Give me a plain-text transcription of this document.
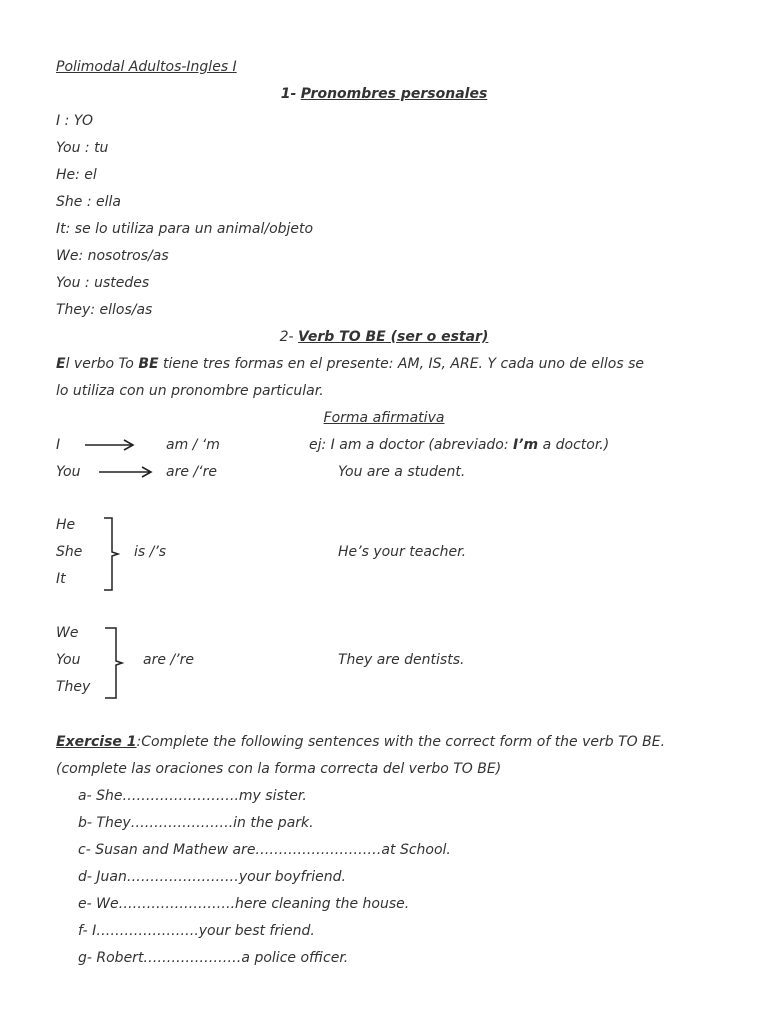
Polimodal Adultos-Ingles I
1- Pronombres personales
I : YO
You : tu
He: el
She : ella
It: se lo utiliza para un animal/objeto
We: nosotros/as
You : ustedes
They: ellos/as
2- Verb TO BE (ser o estar)
El verbo To BE tiene tres formas en el presente: AM, IS, ARE. Y cada uno de ellos se
lo utiliza con un pronombre particular.
Forma afirmativa
I	am / ‘m	ej: I am a doctor (abreviado: I’m a doctor.)
You	are /‘re	You are a student.
He
She
It
is /’s	He’s your teacher.
We
You
They
are /’re	They are dentists.
Exercise 1:Complete the following sentences with the correct form of the verb TO BE.
(complete las oraciones con la forma correcta del verbo TO BE)
a- She…………………….my sister.
b- They………………….in the park.
c- Susan and Mathew are………………………at School.
d- Juan……………………your boyfriend.
e- We…………………….here cleaning the house.
f- I………………….your best friend.
g- Robert…………………a police officer.
